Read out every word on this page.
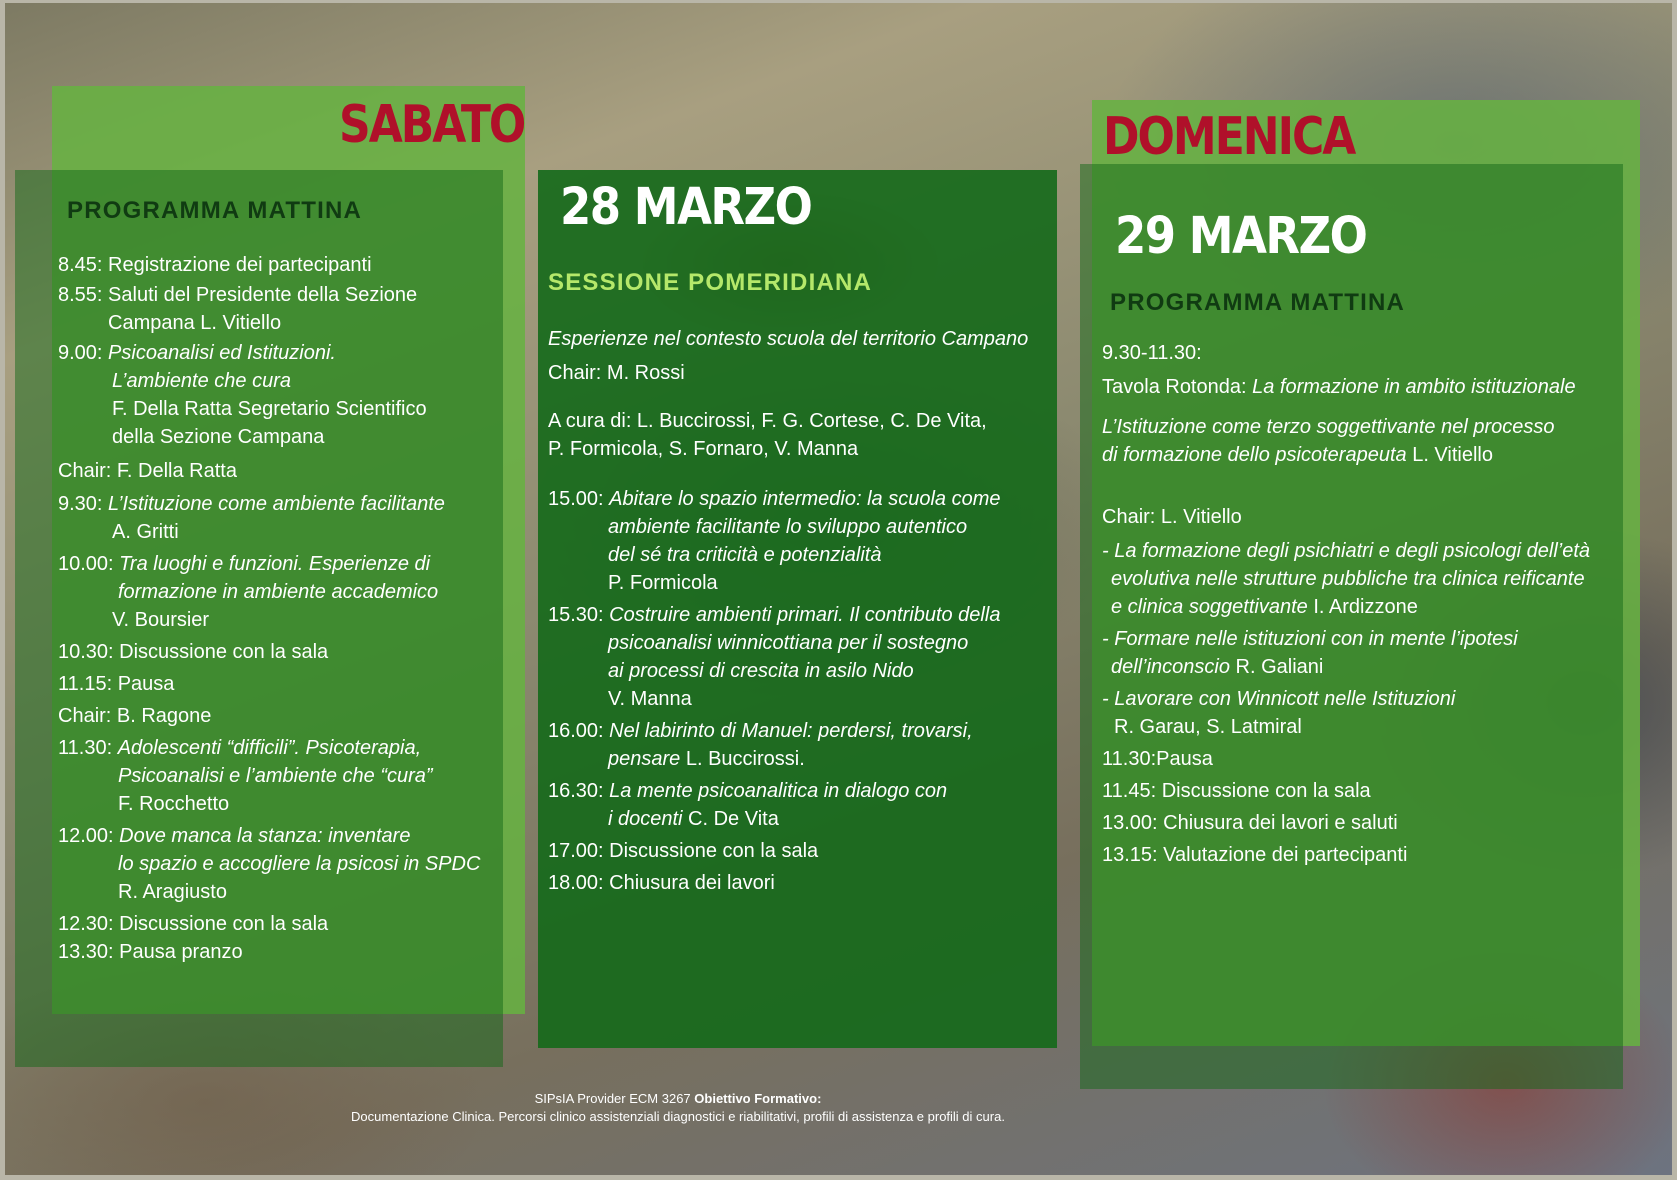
SABATO
PROGRAMMA MATTINA
8.45: Registrazione dei partecipanti
8.55: Saluti del Presidente della Sezione
Campana L. Vitiello
9.00: Psicoanalisi ed Istituzioni.
L’ambiente che cura
F. Della Ratta Segretario Scientifico
della Sezione Campana
Chair: F. Della Ratta
9.30: L’Istituzione come ambiente facilitante
A. Gritti
10.00: Tra luoghi e funzioni. Esperienze di
formazione in ambiente accademico
V. Boursier
10.30: Discussione con la sala
11.15: Pausa
Chair: B. Ragone
11.30: Adolescenti “difficili”. Psicoterapia,
Psicoanalisi e l’ambiente che “cura”
F. Rocchetto
12.00: Dove manca la stanza: inventare
lo spazio e accogliere la psicosi in SPDC
R. Aragiusto
12.30: Discussione con la sala
13.30: Pausa pranzo
28 MARZO
SESSIONE POMERIDIANA
Esperienze nel contesto scuola del territorio Campano
Chair: M. Rossi
A cura di: L. Buccirossi, F. G. Cortese, C. De Vita,
P. Formicola, S. Fornaro, V. Manna
15.00: Abitare lo spazio intermedio: la scuola come
ambiente facilitante lo sviluppo autentico
del sé tra criticità e potenzialità
P. Formicola
15.30: Costruire ambienti primari. Il contributo della
psicoanalisi winnicottiana per il sostegno
ai processi di crescita in asilo Nido
V. Manna
16.00: Nel labirinto di Manuel: perdersi, trovarsi,
pensare L. Buccirossi.
16.30: La mente psicoanalitica in dialogo con
i docenti C. De Vita
17.00: Discussione con la sala
18.00: Chiusura dei lavori
DOMENICA
29 MARZO
PROGRAMMA MATTINA
9.30-11.30:
Tavola Rotonda: La formazione in ambito istituzionale
L’Istituzione come terzo soggettivante nel processo
di formazione dello psicoterapeuta L. Vitiello
Chair: L. Vitiello
- La formazione degli psichiatri e degli psicologi dell’età
evolutiva nelle strutture pubbliche tra clinica reificante
e clinica soggettivante I. Ardizzone
- Formare nelle istituzioni con in mente l’ipotesi
dell’inconscio R. Galiani
- Lavorare con Winnicott nelle Istituzioni
R. Garau, S. Latmiral
11.30:Pausa
11.45: Discussione con la sala
13.00: Chiusura dei lavori e saluti
13.15: Valutazione dei partecipanti
SIPsIA Provider ECM 3267 Obiettivo Formativo:
Documentazione Clinica. Percorsi clinico assistenziali diagnostici e riabilitativi, profili di assistenza e profili di cura.
